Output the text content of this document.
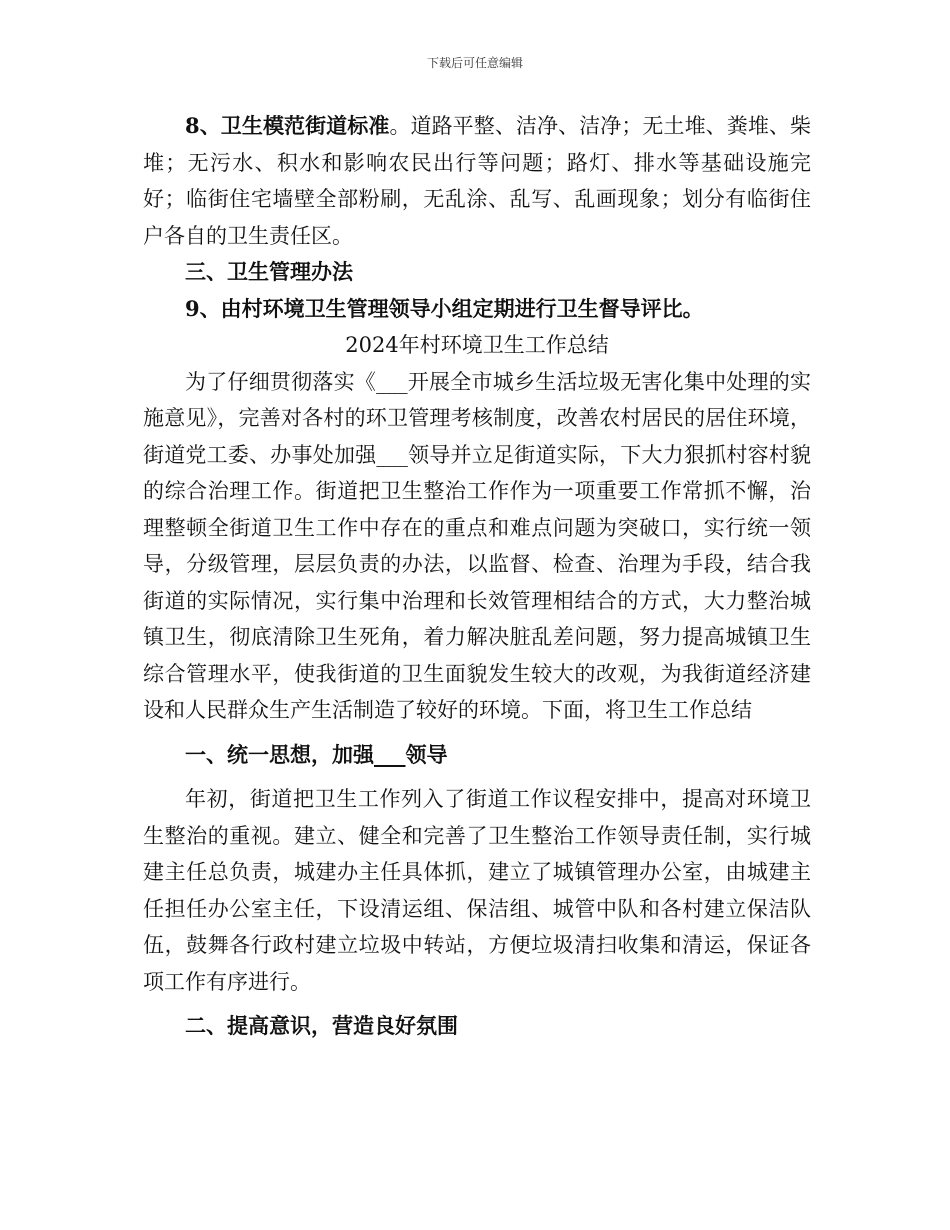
下载后可任意编辑

8、卫生模范街道标准。道路平整、洁净、洁净；无土堆、粪堆、柴堆；无污水、积水和影响农民出行等问题；路灯、排水等基础设施完好；临街住宅墙壁全部粉刷，无乱涂、乱写、乱画现象；划分有临街住户各自的卫生责任区。

三、卫生管理办法

9、由村环境卫生管理领导小组定期进行卫生督导评比。

2024年村环境卫生工作总结

为了仔细贯彻落实《___开展全市城乡生活垃圾无害化集中处理的实施意见》，完善对各村的环卫管理考核制度，改善农村居民的居住环境，街道党工委、办事处加强___领导并立足街道实际，下大力狠抓村容村貌的综合治理工作。街道把卫生整治工作作为一项重要工作常抓不懈，治理整顿全街道卫生工作中存在的重点和难点问题为突破口，实行统一领导，分级管理，层层负责的办法，以监督、检查、治理为手段，结合我街道的实际情况，实行集中治理和长效管理相结合的方式，大力整治城镇卫生，彻底清除卫生死角，着力解决脏乱差问题，努力提高城镇卫生综合管理水平，使我街道的卫生面貌发生较大的改观，为我街道经济建设和人民群众生产生活制造了较好的环境。下面，将卫生工作总结

一、统一思想，加强___领导

年初，街道把卫生工作列入了街道工作议程安排中，提高对环境卫生整治的重视。建立、健全和完善了卫生整治工作领导责任制，实行城建主任总负责，城建办主任具体抓，建立了城镇管理办公室，由城建主任担任办公室主任，下设清运组、保洁组、城管中队和各村建立保洁队伍，鼓舞各行政村建立垃圾中转站，方便垃圾清扫收集和清运，保证各项工作有序进行。

二、提高意识，营造良好氛围
